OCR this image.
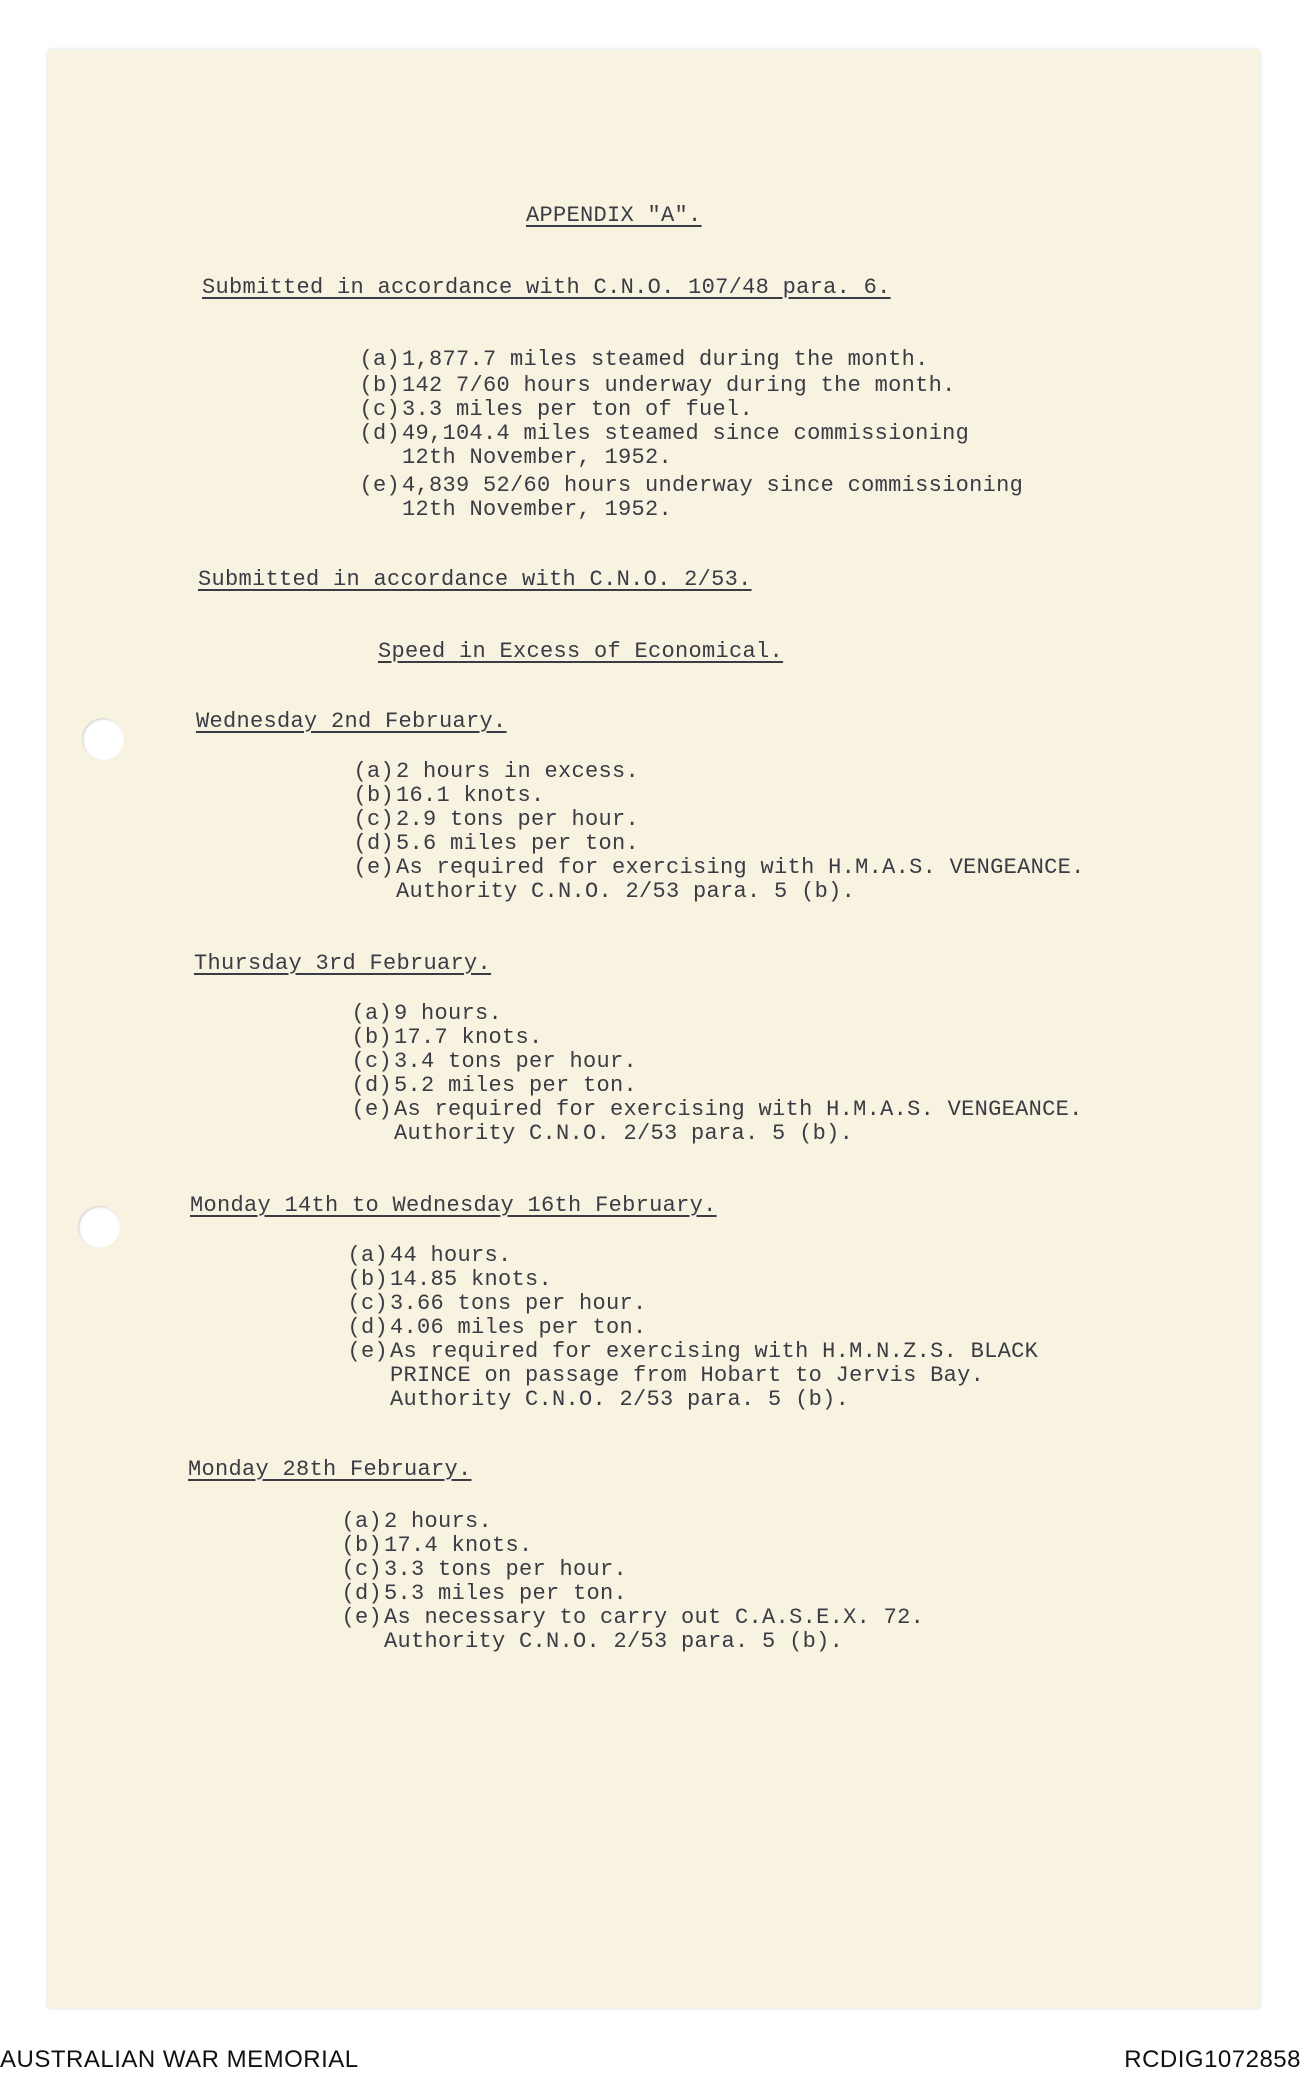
APPENDIX "A".
Submitted in accordance with C.N.O. 107/48 para. 6.

(a)

1,877.7 miles steamed during the month.

(b)

142 7/60 hours underway during the month.

(c)

3.3 miles per ton of fuel.

(d)

49,104.4 miles steamed since commissioning

12th November, 1952.

(e)

4,839 52/60 hours underway since commissioning

12th November, 1952.

Submitted in accordance with C.N.O. 2/53.
Speed in Excess of Economical.
Wednesday 2nd February.

(a)

2 hours in excess.

(b)

16.1 knots.

(c)

2.9 tons per hour.

(d)

5.6 miles per ton.

(e)

As required for exercising with H.M.A.S. VENGEANCE.

Authority C.N.O. 2/53 para. 5 (b).

Thursday 3rd February.

(a)

9 hours.

(b)

17.7 knots.

(c)

3.4 tons per hour.

(d)

5.2 miles per ton.

(e)

As required for exercising with H.M.A.S. VENGEANCE.

Authority C.N.O. 2/53 para. 5 (b).

Monday 14th to Wednesday 16th February.

(a)

44 hours.

(b)

14.85 knots.

(c)

3.66 tons per hour.

(d)

4.06 miles per ton.

(e)

As required for exercising with H.M.N.Z.S. BLACK

PRINCE on passage from Hobart to Jervis Bay.

Authority C.N.O. 2/53 para. 5 (b).

Monday 28th February.

(a)

2 hours.

(b)

17.4 knots.

(c)

3.3 tons per hour.

(d)

5.3 miles per ton.

(e)

As necessary to carry out C.A.S.E.X. 72.

Authority C.N.O. 2/53 para. 5 (b).

AUSTRALIAN WAR MEMORIAL	RCDIG1072858
